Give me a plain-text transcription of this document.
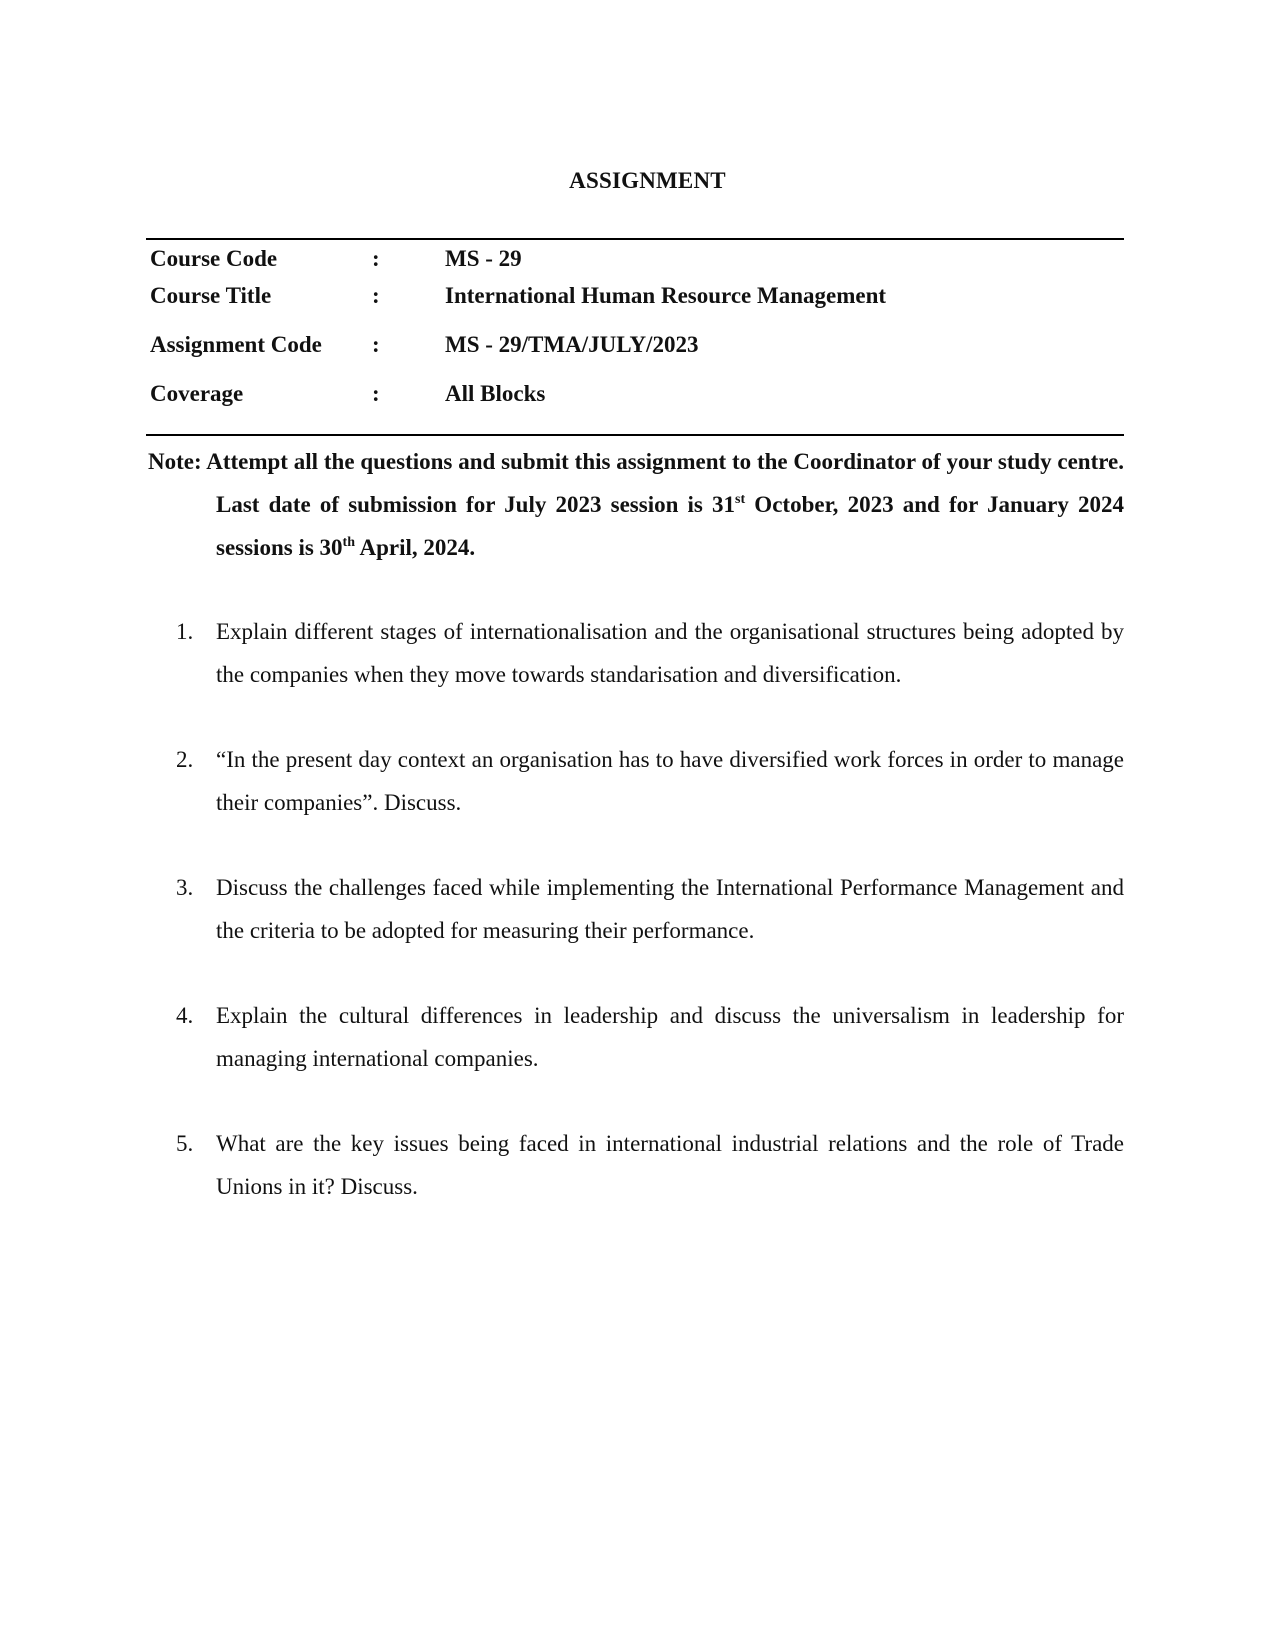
ASSIGNMENT
Course Code	:	MS - 29
Course Title	:	International Human Resource Management
Assignment Code	:	MS - 29/TMA/JULY/2023
Coverage	:	All Blocks
Note: Attempt all the questions and submit this assignment to the Coordinator of your study centre. Last date of submission for July 2023 session is 31st October, 2023 and for January 2024 sessions is 30th April, 2024.
1. Explain different stages of internationalisation and the organisational structures being adopted by the companies when they move towards standarisation and diversification.
2. “In the present day context an organisation has to have diversified work forces in order to manage their companies”. Discuss.
3. Discuss the challenges faced while implementing the International Performance Management and the criteria to be adopted for measuring their performance.
4. Explain the cultural differences in leadership and discuss the universalism in leadership for managing international companies.
5. What are the key issues being faced in international industrial relations and the role of Trade Unions in it? Discuss.
